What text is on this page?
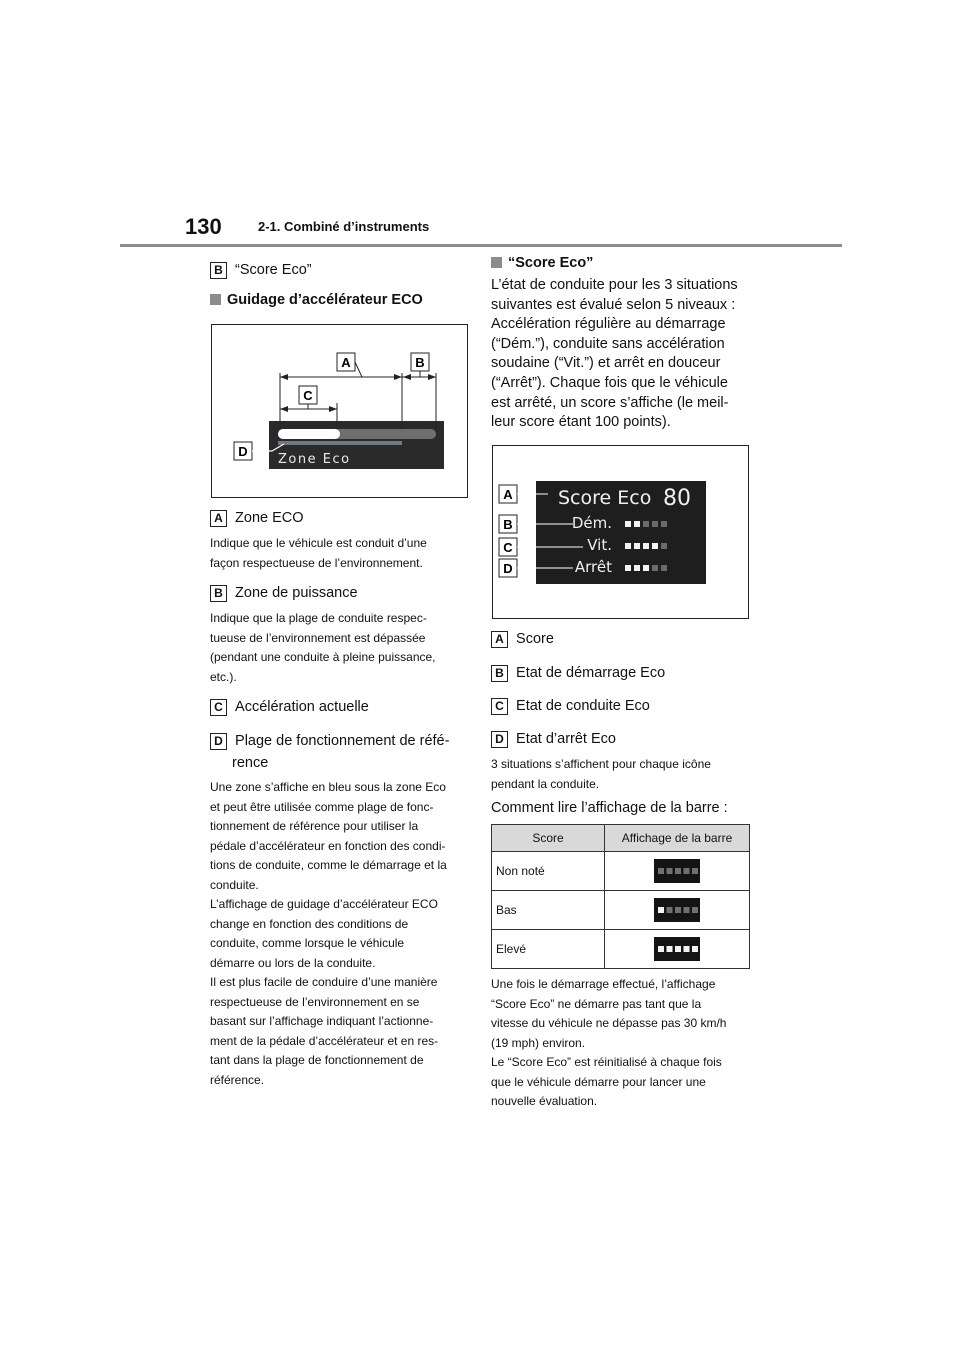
130	2-1. Combiné d’instruments
B “Score Eco”
Guidage d’accélérateur ECO
Zone Eco
A	B
C
D
A Zone ECO
Indique que le véhicule est conduit d’une
façon respectueuse de l’environnement.
B Zone de puissance
Indique que la plage de conduite respec-
tueuse de l’environnement est dépassée
(pendant une conduite à pleine puissance,
etc.).
C Accélération actuelle
D Plage de fonctionnement de réfé-
rence
Une zone s’affiche en bleu sous la zone Eco
et peut être utilisée comme plage de fonc-
tionnement de référence pour utiliser la
pédale d’accélérateur en fonction des condi-
tions de conduite, comme le démarrage et la
conduite.
L’affichage de guidage d’accélérateur ECO
change en fonction des conditions de
conduite, comme lorsque le véhicule
démarre ou lors de la conduite.
Il est plus facile de conduire d’une manière
respectueuse de l’environnement en se
basant sur l’affichage indiquant l’actionne-
ment de la pédale d’accélérateur et en res-
tant dans la plage de fonctionnement de
référence.
“Score Eco”
L’état de conduite pour les 3 situations
suivantes est évalué selon 5 niveaux :
Accélération régulière au démarrage
(“Dém.”), conduite sans accélération
soudaine (“Vit.”) et arrêt en douceur
(“Arrêt”). Chaque fois que le véhicule
est arrêté, un score s’affiche (le meil-
leur score étant 100 points).
Score Eco 80
Dém.
Vit.
Arrêt
A
B
C
D
A Score
B Etat de démarrage Eco
C Etat de conduite Eco
D Etat d’arrêt Eco
3 situations s’affichent pour chaque icône
pendant la conduite.
Comment lire l’affichage de la barre :
Score	Affichage de la barre
Non noté	

Bas	

Elevé	
Une fois le démarrage effectué, l’affichage
“Score Eco” ne démarre pas tant que la
vitesse du véhicule ne dépasse pas 30 km/h
(19 mph) environ.
Le “Score Eco” est réinitialisé à chaque fois
que le véhicule démarre pour lancer une
nouvelle évaluation.
